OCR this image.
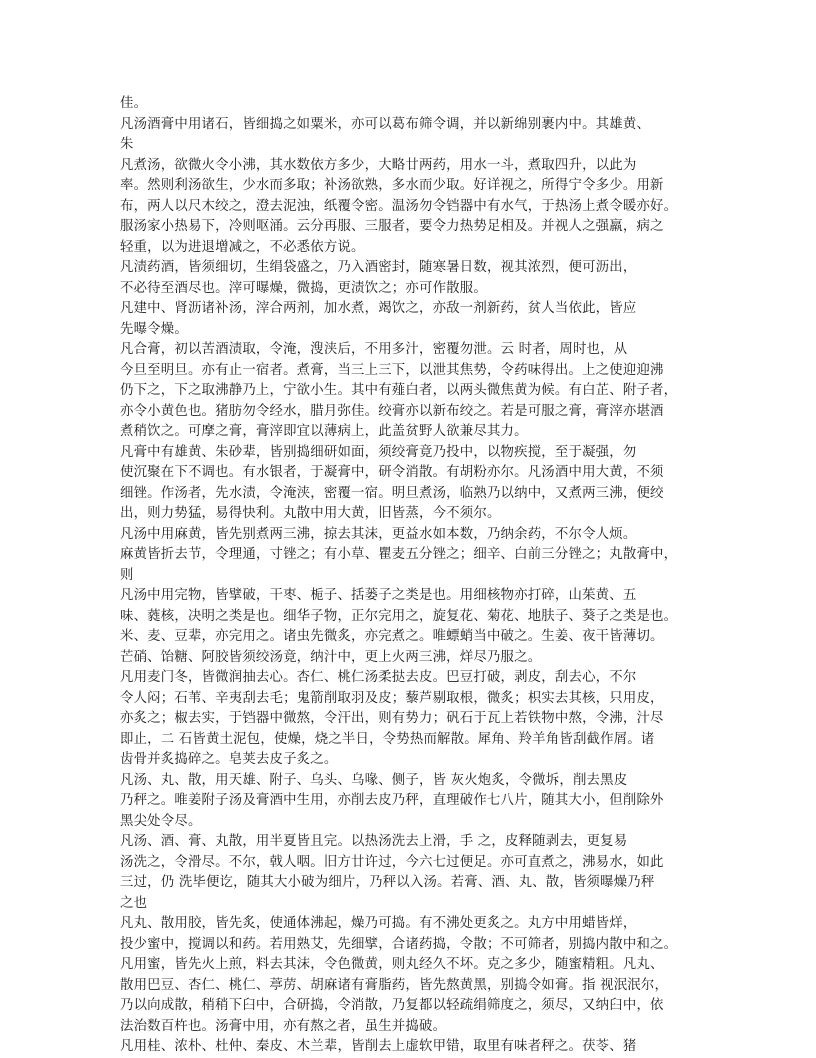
佳。
凡汤酒膏中用诸石，皆细捣之如粟米，亦可以葛布筛令调，并以新绵别裹内中。其雄黄、
朱
凡煮汤，欲微火令小沸，其水数依方多少，大略廿两药，用水一斗，煮取四升，以此为
率。然则利汤欲生，少水而多取；补汤欲熟，多水而少取。好详视之，所得宁令多少。用新
布，两人以尺木绞之，澄去泥浊，纸覆令密。温汤勿令铛器中有水气，于热汤上煮令暖亦好。
服汤家小热易下，冷则呕涌。云分再服、三服者，要令力热势足相及。并视人之强羸，病之
轻重，以为进退增减之，不必悉依方说。
凡渍药酒，皆须细切，生绢袋盛之，乃入酒密封，随寒暑日数，视其浓烈，便可沥出，
不必待至酒尽也。滓可曝燥，微捣，更渍饮之；亦可作散服。
凡建中、肾沥诸补汤，滓合两剂，加水煮，竭饮之，亦敌一剂新药，贫人当依此，皆应
先曝令燥。
凡合膏，初以苦酒渍取，令淹，溲浃后，不用多汁，密覆勿泄。云 时者，周时也，从
今旦至明旦。亦有止一宿者。煮膏，当三上三下，以泄其焦势，令药味得出。上之使迎迎沸
仍下之，下之取沸静乃上，宁欲小生。其中有薤白者，以两头微焦黄为候。有白芷、附子者，
亦令小黄色也。猪肪勿令经水，腊月弥佳。绞膏亦以新布绞之。若是可服之膏，膏滓亦堪酒
煮稍饮之。可摩之膏，膏滓即宜以薄病上，此盖贫野人欲兼尽其力。
凡膏中有雄黄、朱砂辈，皆别捣细研如面，须绞膏竟乃投中，以物疾搅，至于凝强，勿
使沉聚在下不调也。有水银者，于凝膏中，研令消散。有胡粉亦尔。凡汤酒中用大黄，不须
细锉。作汤者，先水渍，令淹浃，密覆一宿。明旦煮汤，临熟乃以纳中，又煮两三沸，便绞
出，则力势猛，易得快利。丸散中用大黄，旧皆蒸，今不须尔。
凡汤中用麻黄，皆先别煮两三沸，掠去其沫，更益水如本数，乃纳余药，不尔令人烦。
麻黄皆折去节，令理通，寸锉之；有小草、瞿麦五分锉之；细辛、白前三分锉之；丸散膏中，
则
凡汤中用完物，皆擘破，干枣、栀子、括蒌子之类是也。用细核物亦打碎，山茱黄、五
味、蕤核，决明之类是也。细华子物，正尔完用之，旋复花、菊花、地肤子、葵子之类是也。
米、麦、豆辈，亦完用之。诸虫先微炙，亦完煮之。唯螵蛸当中破之。生姜、夜干皆薄切。
芒硝、饴糖、阿胶皆须绞汤竟，纳汁中，更上火两三沸，烊尽乃服之。
凡用麦门冬，皆微润抽去心。杏仁、桃仁汤柔挞去皮。巴豆打破，剥皮，刮去心，不尔
令人闷；石苇、辛夷刮去毛；鬼箭削取羽及皮；藜芦剔取根，微炙；枳实去其核，只用皮，
亦炙之；椒去实，于铛器中微熬，令汗出，则有势力；矾石于瓦上若铁物中熬，令沸，汁尽
即止，二 石皆黄土泥包，使燥，烧之半日，令势热而解散。犀角、羚羊角皆刮截作屑。诸
齿骨并炙捣碎之。皂荚去皮子炙之。
凡汤、丸、散，用天雄、附子、乌头、乌喙、侧子，皆 灰火炮炙，令微坼，削去黑皮
乃秤之。唯姜附子汤及膏酒中生用，亦削去皮乃秤，直理破作七八片，随其大小，但削除外
黑尖处令尽。
凡汤、酒、膏、丸散，用半夏皆且完。以热汤洗去上滑，手 之，皮释随剥去，更复易
汤洗之，令滑尽。不尔，戟人咽。旧方廿许过，今六七过便足。亦可直煮之，沸易水，如此
三过，仍 洗毕便讫，随其大小破为细片，乃秤以入汤。若膏、酒、丸、散，皆须曝燥乃秤
之也
凡丸、散用胶，皆先炙，使通体沸起，燥乃可捣。有不沸处更炙之。丸方中用蜡皆烊，
投少蜜中，搅调以和药。若用熟艾，先细擘，合诸药捣，令散；不可筛者，别捣内散中和之。
凡用蜜，皆先火上煎，料去其沫，令色微黄，则丸经久不坏。克之多少，随蜜精粗。凡丸、
散用巴豆、杏仁、桃仁、葶苈、胡麻诸有膏脂药，皆先熬黄黑，别捣令如膏。指 视泯泯尔，
乃以向成散，稍稍下臼中，合研捣，令消散，乃复都以轻疏绢筛度之，须尽，又纳臼中，依
法治数百杵也。汤膏中用，亦有熬之者，虽生并捣破。
凡用桂、浓朴、杜仲、秦皮、木兰辈，皆削去上虚软甲错，取里有味者秤之。茯苓、猪
